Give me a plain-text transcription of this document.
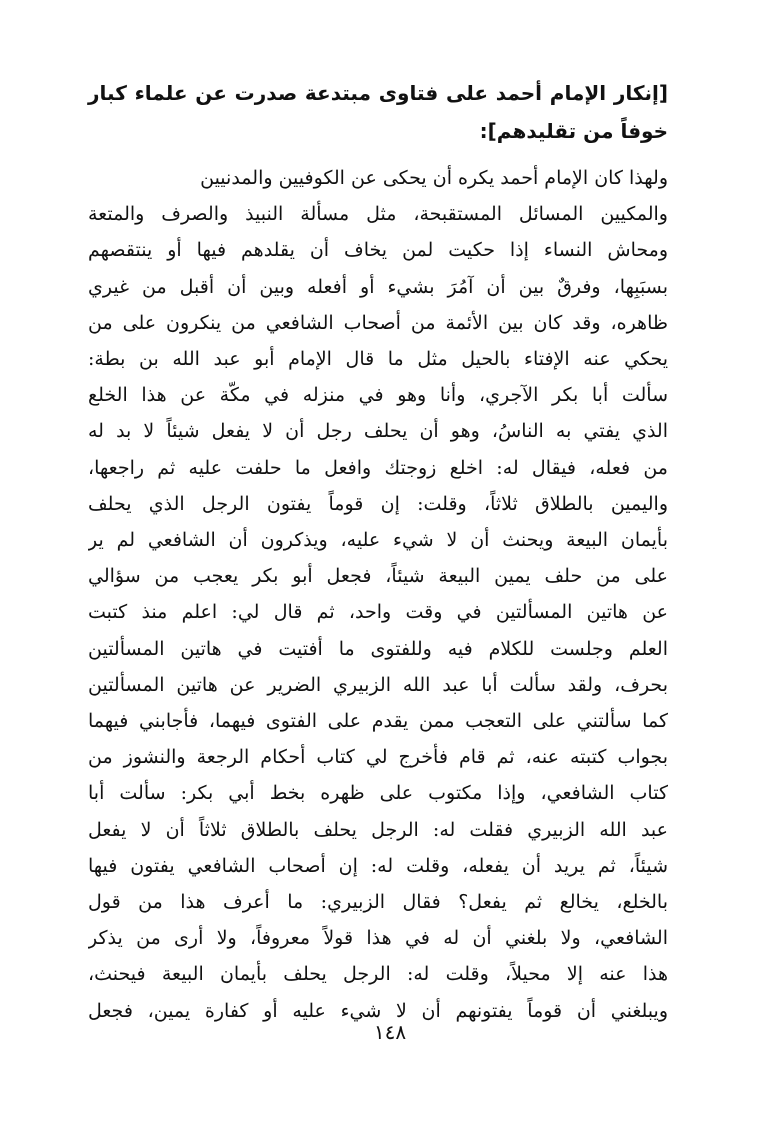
[إنكار الإمام أحمد على فتاوى مبتدعة صدرت عن علماء كبار خوفاً من تقليدهم]:

ولهذا كان الإمام أحمد يكره أن يحكى عن الكوفيين والمدنيين
والمكيين المسائل المستقبحة، مثل مسألة النبيذ والصرف والمتعة
ومحاش النساء إذا حكيت لمن يخاف أن يقلدهم فيها أو ينتقصهم
بسبَبِها، وفرقٌ بين أن آمُرَ بشيء أو أفعله وبين أن أقبل من غيري
ظاهره، وقد كان بين الأئمة من أصحاب الشافعي من ينكرون على من
يحكي عنه الإفتاء بالحيل مثل ما قال الإمام أبو عبد الله بن بطة:
سألت أبا بكر الآجري، وأنا وهو في منزله في مكّة عن هذا الخلع
الذي يفتي به الناسُ، وهو أن يحلف رجل أن لا يفعل شيئاً لا بد له
من فعله، فيقال له: اخلع زوجتك وافعل ما حلفت عليه ثم راجعها،
واليمين بالطلاق ثلاثاً، وقلت: إن قوماً يفتون الرجل الذي يحلف
بأيمان البيعة ويحنث أن لا شيء عليه، ويذكرون أن الشافعي لم ير
على من حلف يمين البيعة شيئاً، فجعل أبو بكر يعجب من سؤالي
عن هاتين المسألتين في وقت واحد، ثم قال لي: اعلم منذ كتبت
العلم وجلست للكلام فيه وللفتوى ما أفتيت في هاتين المسألتين
بحرف، ولقد سألت أبا عبد الله الزبيري الضرير عن هاتين المسألتين
كما سألتني على التعجب ممن يقدم على الفتوى فيهما، فأجابني فيهما
بجواب كتبته عنه، ثم قام فأخرج لي كتاب أحكام الرجعة والنشوز من
كتاب الشافعي، وإذا مكتوب على ظهره بخط أبي بكر: سألت أبا
عبد الله الزبيري فقلت له: الرجل يحلف بالطلاق ثلاثاً أن لا يفعل
شيئاً، ثم يريد أن يفعله، وقلت له: إن أصحاب الشافعي يفتون فيها
بالخلع، يخالع ثم يفعل؟ فقال الزبيري: ما أعرف هذا من قول
الشافعي، ولا بلغني أن له في هذا قولاً معروفاً، ولا أرى من يذكر
هذا عنه إلا محيلاً، وقلت له: الرجل يحلف بأيمان البيعة فيحنث،
ويبلغني أن قوماً يفتونهم أن لا شيء عليه أو كفارة يمين، فجعل
١٤٨
